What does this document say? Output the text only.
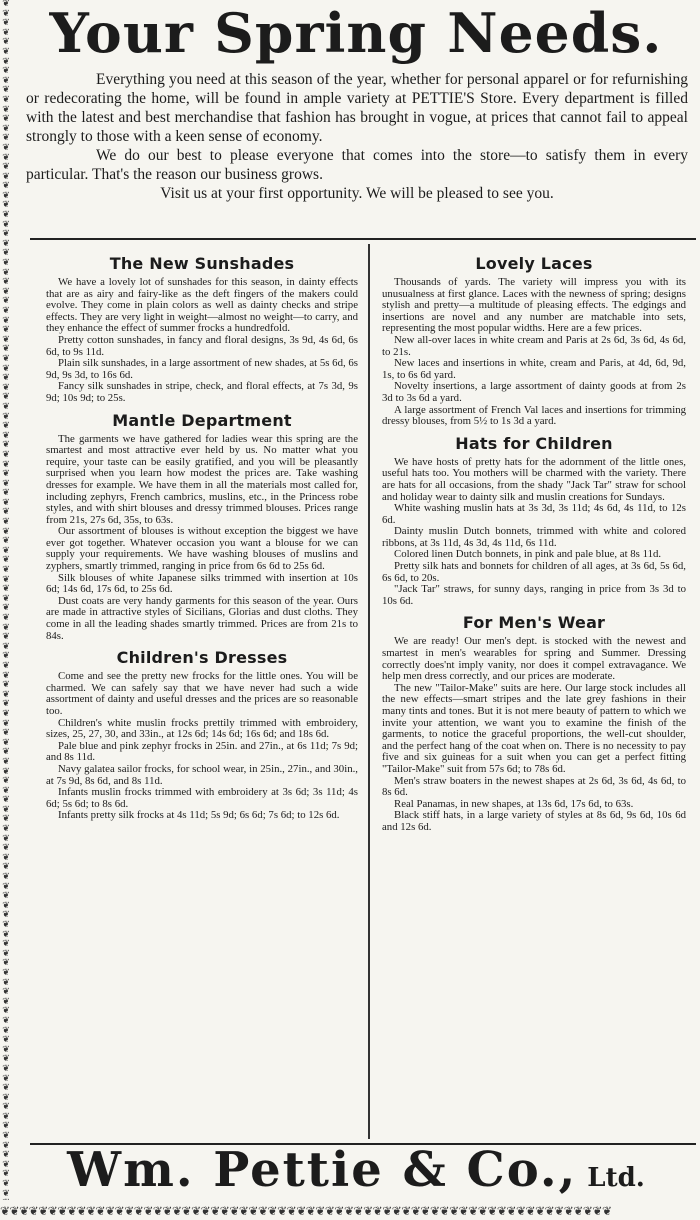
❦
❦
❦
❦
❦
❦
❦
❦
❦
❦
❦
❦
❦
❦
❦
❦
❦
❦
❦
❦
❦
❦
❦
❦
❦
❦
❦
❦
❦
❦
❦
❦
❦
❦
❦
❦
❦
❦
❦
❦
❦
❦
❦
❦
❦
❦
❦
❦
❦
❦
❦
❦
❦
❦
❦
❦
❦
❦
❦
❦
❦
❦
❦
❦
❦
❦
❦
❦
❦
❦
❦
❦
❦
❦
❦
❦
❦
❦
❦
❦
❦
❦
❦
❦
❦
❦
❦
❦
❦
❦
❦
❦
❦
❦
❦
❦
❦
❦
❦
❦
❦
❦
❦
❦
❦
❦
❦
❦
❦
❦
❦
❦
❦
❦
❦
❦
❦
❦
❦
❦
❦
❦
❦
❦
❦

❦❦❦❦❦❦❦❦❦❦❦❦❦❦❦❦❦❦❦❦❦❦❦❦❦❦❦❦❦❦❦❦❦❦❦❦❦❦❦❦❦❦❦❦❦❦❦❦❦❦❦❦❦❦❦❦❦❦❦❦❦❦❦❦
Your Spring Needs.

Everything you need at this season of the year, whether for personal apparel or for refurnishing or redecorating the home, will be found in ample variety at PETTIE'S Store. Every department is filled with the latest and best merchandise that fashion has brought in vogue, at prices that cannot fail to appeal strongly to those with a keen sense of economy.

We do our best to please everyone that comes into the store—to satisfy them in every particular. That's the reason our business grows.

Visit us at your first opportunity. We will be pleased to see you.

The New Sunshades

We have a lovely lot of sunshades for this season, in dainty effects that are as airy and fairy-like as the deft fingers of the makers could evolve. They come in plain colors as well as dainty checks and stripe effects. They are very light in weight—almost no weight—to carry, and they enhance the effect of summer frocks a hundredfold.

Pretty cotton sunshades, in fancy and floral designs, 3s 9d, 4s 6d, 6s 6d, to 9s 11d.

Plain silk sunshades, in a large assortment of new shades, at 5s 6d, 6s 9d, 9s 3d, to 16s 6d.

Fancy silk sunshades in stripe, check, and floral effects, at 7s 3d, 9s 9d; 10s 9d; to 25s.

Mantle Department

The garments we have gathered for ladies wear this spring are the smartest and most attractive ever held by us. No matter what you require, your taste can be easily gratified, and you will be pleasantly surprised when you learn how modest the prices are. Take washing dresses for example. We have them in all the materials most called for, including zephyrs, French cambrics, muslins, etc., in the Princess robe styles, and with shirt blouses and dressy trimmed blouses. Prices range from 21s, 27s 6d, 35s, to 63s.

Our assortment of blouses is without exception the biggest we have ever got together. Whatever occasion you want a blouse for we can supply your requirements. We have washing blouses of muslins and zyphers, smartly trimmed, ranging in price from 6s 6d to 25s 6d.

Silk blouses of white Japanese silks trimmed with insertion at 10s 6d; 14s 6d, 17s 6d, to 25s 6d.

Dust coats are very handy garments for this season of the year. Ours are made in attractive styles of Sicilians, Glorias and dust cloths. They come in all the leading shades smartly trimmed. Prices are from 21s to 84s.

Children's Dresses

Come and see the pretty new frocks for the little ones. You will be charmed. We can safely say that we have never had such a wide assortment of dainty and useful dresses and the prices are so reasonable too.

Children's white muslin frocks prettily trimmed with embroidery, sizes, 25, 27, 30, and 33in., at 12s 6d; 14s 6d; 16s 6d; and 18s 6d.

Pale blue and pink zephyr frocks in 25in. and 27in., at 6s 11d; 7s 9d; and 8s 11d.

Navy galatea sailor frocks, for school wear, in 25in., 27in., and 30in., at 7s 9d, 8s 6d, and 8s 11d.

Infants muslin frocks trimmed with embroidery at 3s 6d; 3s 11d; 4s 6d; 5s 6d; to 8s 6d.

Infants pretty silk frocks at 4s 11d; 5s 9d; 6s 6d; 7s 6d; to 12s 6d.

Lovely Laces

Thousands of yards. The variety will impress you with its unusualness at first glance. Laces with the newness of spring; designs stylish and pretty—a multitude of pleasing effects. The edgings and insertions are novel and any number are matchable into sets, representing the most popular widths. Here are a few prices.

New all-over laces in white cream and Paris at 2s 6d, 3s 6d, 4s 6d, to 21s.

New laces and insertions in white, cream and Paris, at 4d, 6d, 9d, 1s, to 6s 6d yard.

Novelty insertions, a large assortment of dainty goods at from 2s 3d to 3s 6d a yard.

A large assortment of French Val laces and insertions for trimming dressy blouses, from 5½ to 1s 3d a yard.

Hats for Children

We have hosts of pretty hats for the adornment of the little ones, useful hats too. You mothers will be charmed with the variety. There are hats for all occasions, from the shady "Jack Tar" straw for school and holiday wear to dainty silk and muslin creations for Sundays.

White washing muslin hats at 3s 3d, 3s 11d; 4s 6d, 4s 11d, to 12s 6d.

Dainty muslin Dutch bonnets, trimmed with white and colored ribbons, at 3s 11d, 4s 3d, 4s 11d, 6s 11d.

Colored linen Dutch bonnets, in pink and pale blue, at 8s 11d.

Pretty silk hats and bonnets for children of all ages, at 3s 6d, 5s 6d, 6s 6d, to 20s.

"Jack Tar" straws, for sunny days, ranging in price from 3s 3d to 10s 6d.

For Men's Wear

We are ready! Our men's dept. is stocked with the newest and smartest in men's wearables for spring and Summer. Dressing correctly does'nt imply vanity, nor does it compel extravagance. We help men dress correctly, and our prices are moderate.

The new "Tailor-Make" suits are here. Our large stock includes all the new effects—smart stripes and the late grey fashions in their many tints and tones. But it is not mere beauty of pattern to which we invite your attention, we want you to examine the finish of the garments, to notice the graceful proportions, the well-cut shoulder, and the perfect hang of the coat when on. There is no necessity to pay five and six guineas for a suit when you can get a perfect fitting "Tailor-Make" suit from 57s 6d; to 78s 6d.

Men's straw boaters in the newest shapes at 2s 6d, 3s 6d, 4s 6d, to 8s 6d.

Real Panamas, in new shapes, at 13s 6d, 17s 6d, to 63s.

Black stiff hats, in a large variety of styles at 8s 6d, 9s 6d, 10s 6d and 12s 6d.

Wm. Pettie & Co., Ltd.
